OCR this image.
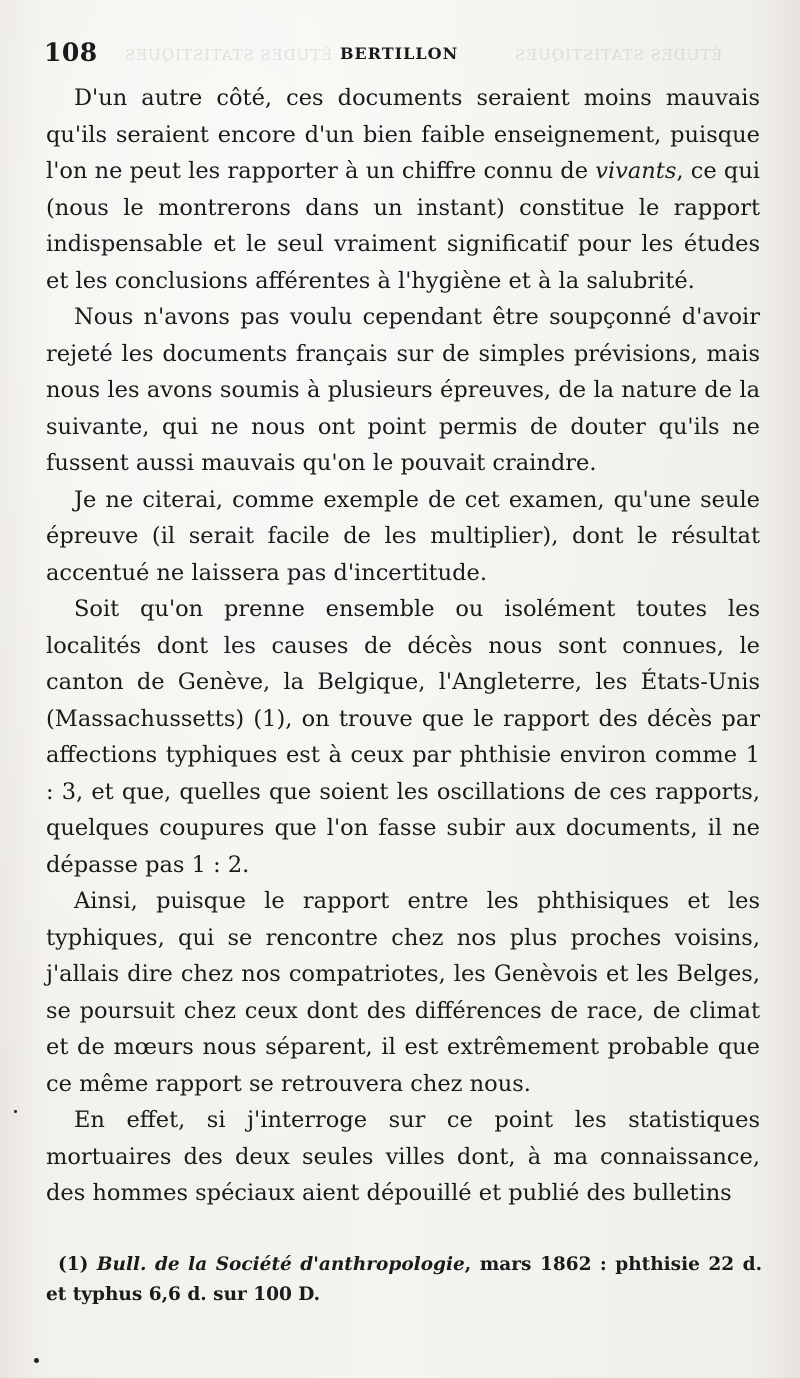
ÉTUDES STATISTIQUES	ÉTUDES STATISTIQUES
108	BERTILLON

D'un autre côté, ces documents seraient moins mauvais qu'ils seraient encore d'un bien faible enseignement, puisque l'on ne peut les rapporter à un chiffre connu de vivants, ce qui (nous le montrerons dans un instant) constitue le rapport indispensable et le seul vraiment significatif pour les études et les conclusions afférentes à l'hygiène et à la salubrité.

Nous n'avons pas voulu cependant être soupçonné d'avoir rejeté les documents français sur de simples prévisions, mais nous les avons soumis à plusieurs épreuves, de la nature de la suivante, qui ne nous ont point permis de douter qu'ils ne fussent aussi mauvais qu'on le pouvait craindre.

Je ne citerai, comme exemple de cet examen, qu'une seule épreuve (il serait facile de les multiplier), dont le résultat accentué ne laissera pas d'incertitude.

Soit qu'on prenne ensemble ou isolément toutes les localités dont les causes de décès nous sont connues, le canton de Genève, la Belgique, l'Angleterre, les États-Unis (Massachussetts) (1), on trouve que le rapport des décès par affections typhiques est à ceux par phthisie environ comme 1 : 3, et que, quelles que soient les oscillations de ces rapports, quelques coupures que l'on fasse subir aux documents, il ne dépasse pas 1 : 2.

Ainsi, puisque le rapport entre les phthisiques et les typhiques, qui se rencontre chez nos plus proches voisins, j'allais dire chez nos compatriotes, les Genèvois et les Belges, se poursuit chez ceux dont des différences de race, de climat et de mœurs nous séparent, il est extrêmement probable que ce même rapport se retrouvera chez nous.

En effet, si j'interroge sur ce point les statistiques mortuaires des deux seules villes dont, à ma connaissance, des hommes spéciaux aient dépouillé et publié des bulletins

(1) Bull. de la Société d'anthropologie, mars 1862 : phthisie 22 d. et typhus 6,6 d. sur 100 D.
